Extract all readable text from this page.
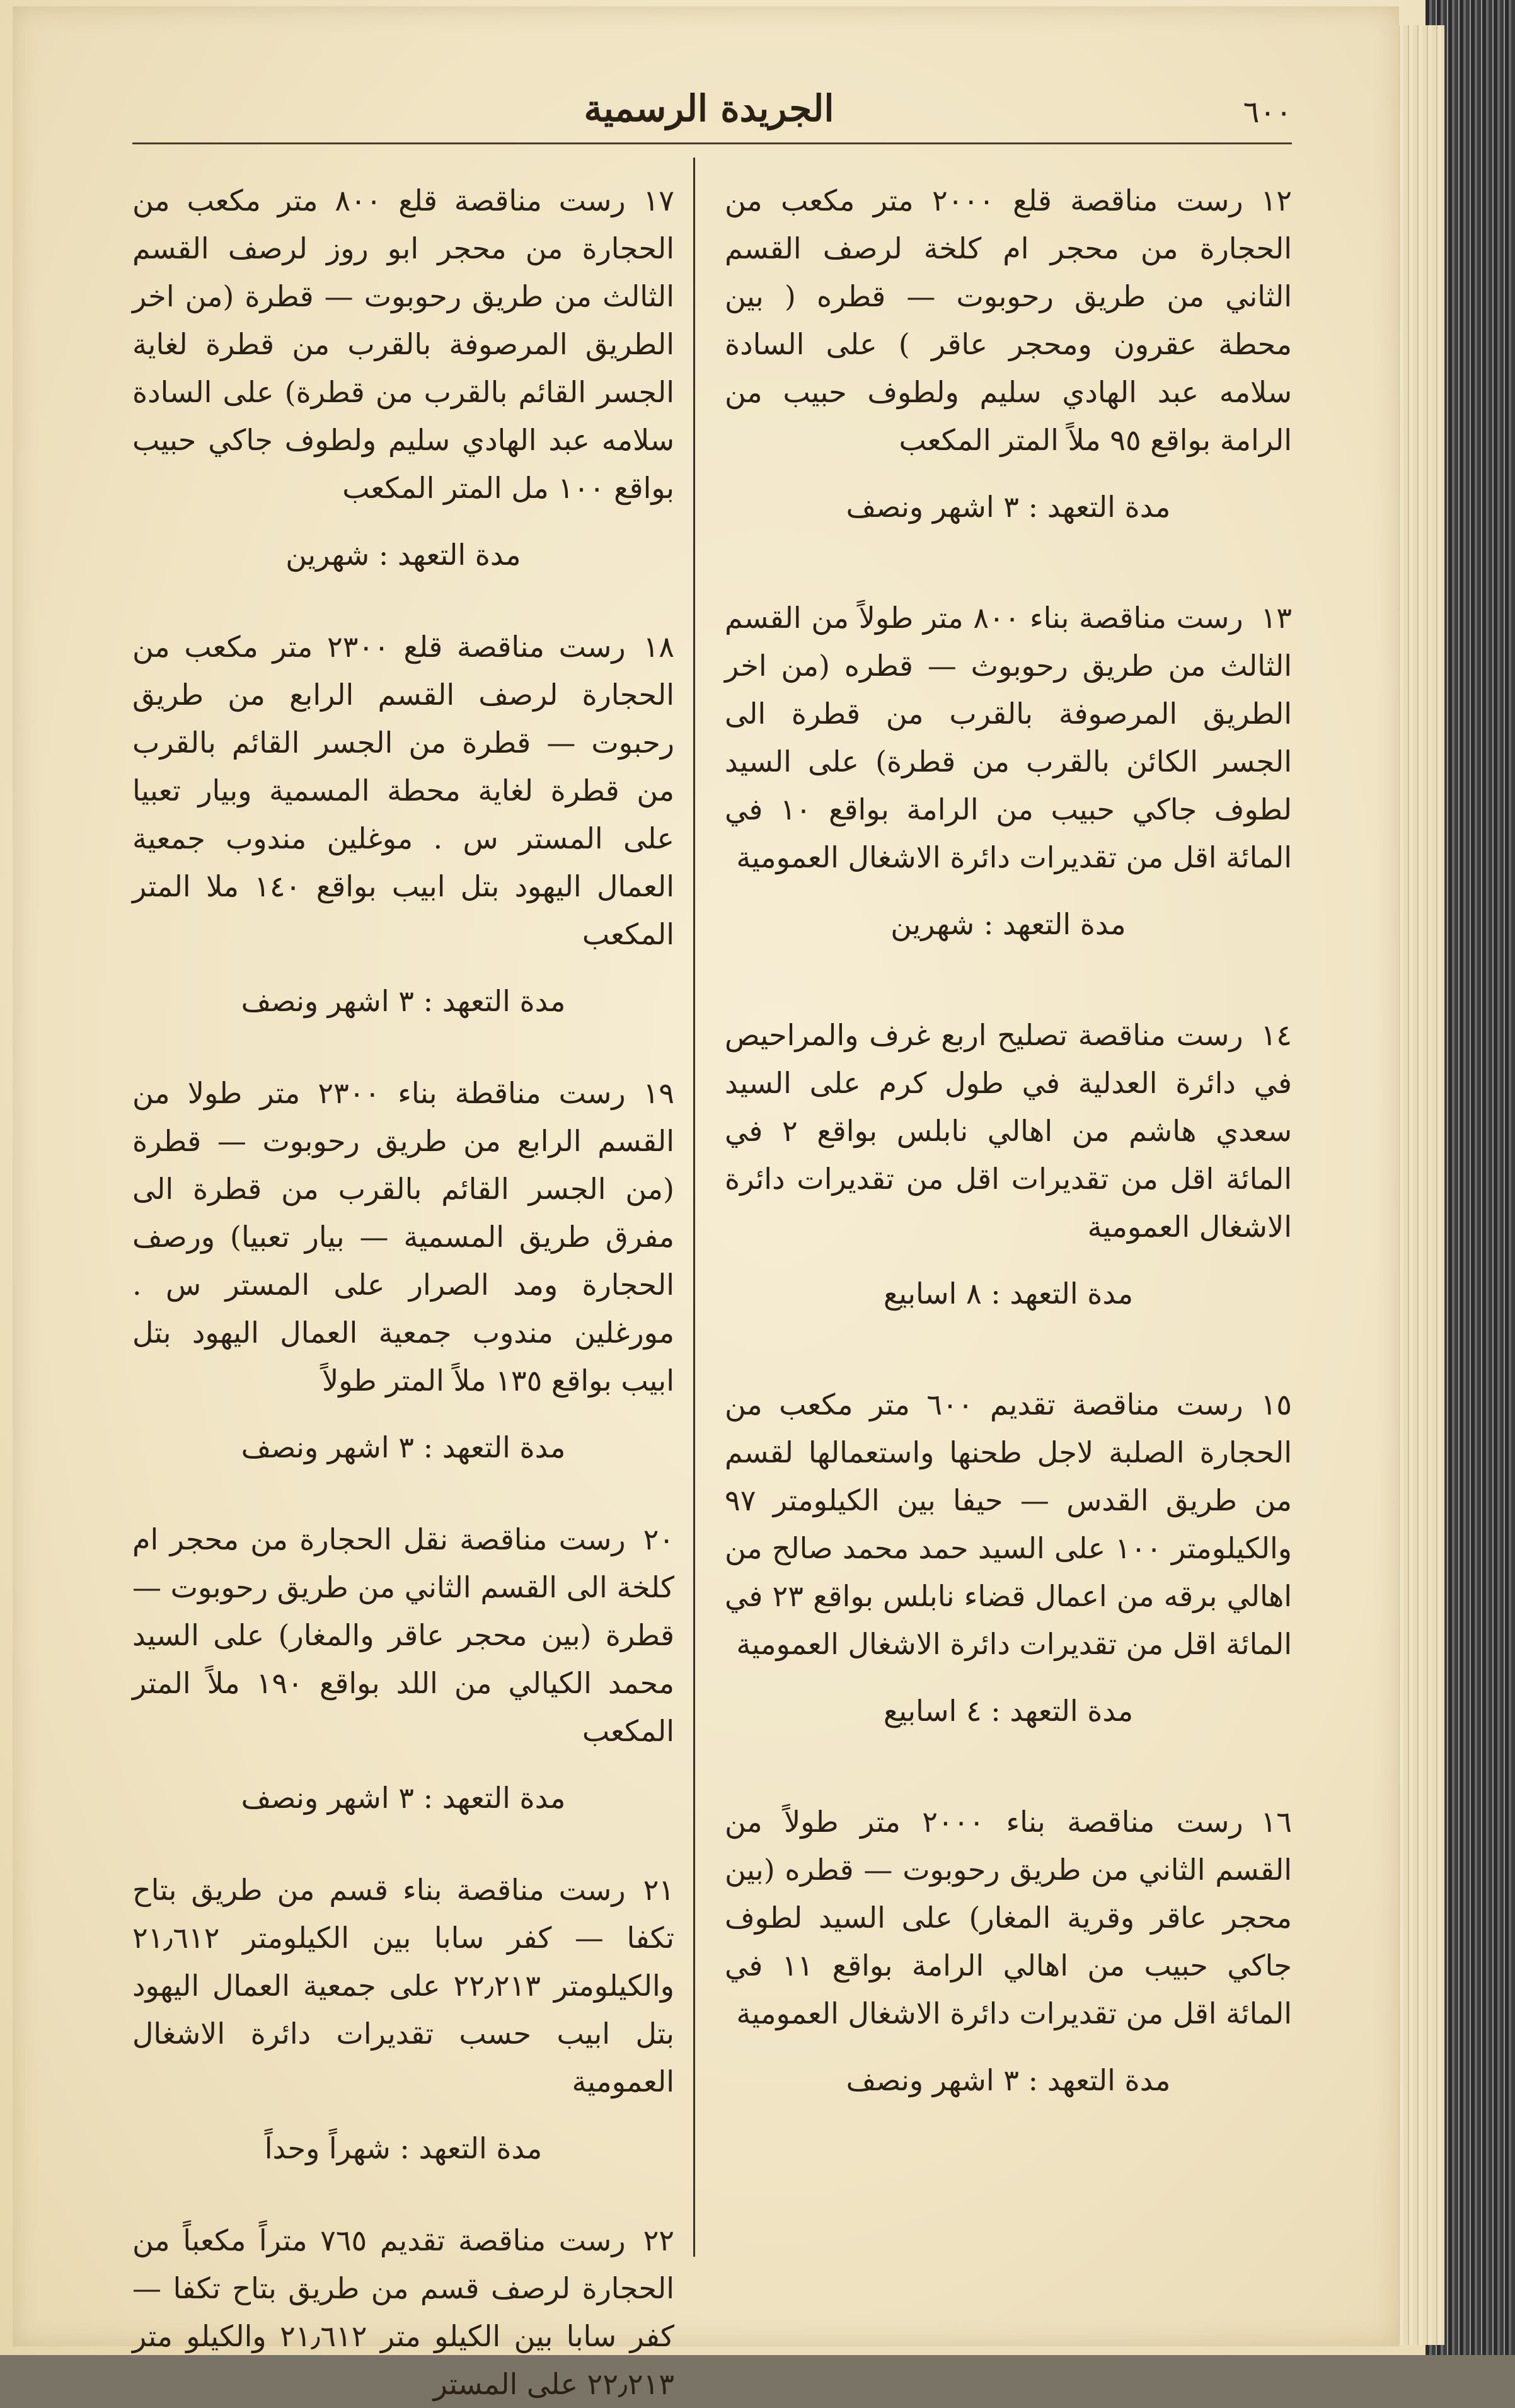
٦٠٠
الجريدة الرسمية
١٢رست مناقصة قلع ٢٠٠٠ متر مكعب من الحجارة من محجر ام كلخة لرصف القسم الثاني من طريق رحوبوت — قطره ( بين محطة عقرون ومحجر عاقر ) على السادة سلامه عبد الهادي سليم ولطوف حبيب من الرامة بواقع ٩٥ ملاً المتر المكعب
مدة التعهد : ٣ اشهر ونصف
١٣رست مناقصة بناء ٨٠٠ متر طولاً من القسم الثالث من طريق رحوبوث — قطره (من اخر الطريق المرصوفة بالقرب من قطرة الى الجسر الكائن بالقرب من قطرة) على السيد لطوف جاكي حبيب من الرامة بواقع ١٠ في المائة اقل من تقديرات دائرة الاشغال العمومية
مدة التعهد : شهرين
١٤رست مناقصة تصليح اربع غرف والمراحيص في دائرة العدلية في طول كرم على السيد سعدي هاشم من اهالي نابلس بواقع ٢ في المائة اقل من تقديرات اقل من تقديرات دائرة الاشغال العمومية
مدة التعهد : ٨ اسابيع
١٥رست مناقصة تقديم ٦٠٠ متر مكعب من الحجارة الصلبة لاجل طحنها واستعمالها لقسم من طريق القدس — حيفا بين الكيلومتر ٩٧ والكيلومتر ١٠٠ على السيد حمد محمد صالح من اهالي برقه من اعمال قضاء نابلس بواقع ٢٣ في المائة اقل من تقديرات دائرة الاشغال العمومية
مدة التعهد : ٤ اسابيع
١٦رست مناقصة بناء ٢٠٠٠ متر طولاً من القسم الثاني من طريق رحوبوت — قطره (بين محجر عاقر وقرية المغار) على السيد لطوف جاكي حبيب من اهالي الرامة بواقع ١١ في المائة اقل من تقديرات دائرة الاشغال العمومية
مدة التعهد : ٣ اشهر ونصف
١٧رست مناقصة قلع ٨٠٠ متر مكعب من الحجارة من محجر ابو روز لرصف القسم الثالث من طريق رحوبوت — قطرة (من اخر الطريق المرصوفة بالقرب من قطرة لغاية الجسر القائم بالقرب من قطرة) على السادة سلامه عبد الهادي سليم ولطوف جاكي حبيب بواقع ١٠٠ مل المتر المكعب
مدة التعهد : شهرين
١٨رست مناقصة قلع ٢٣٠٠ متر مكعب من الحجارة لرصف القسم الرابع من طريق رحبوت — قطرة من الجسر القائم بالقرب من قطرة لغاية محطة المسمية وبيار تعبيا على المستر س . موغلين مندوب جمعية العمال اليهود بتل ابيب بواقع ١٤٠ ملا المتر المكعب
مدة التعهد : ٣ اشهر ونصف
١٩رست مناقطة بناء ٢٣٠٠ متر طولا من القسم الرابع من طريق رحوبوت — قطرة (من الجسر القائم بالقرب من قطرة الى مفرق طريق المسمية — بيار تعبيا) ورصف الحجارة ومد الصرار على المستر س . مورغلين مندوب جمعية العمال اليهود بتل ابيب بواقع ١٣٥ ملاً المتر طولاً
مدة التعهد : ٣ اشهر ونصف
٢٠رست مناقصة نقل الحجارة من محجر ام كلخة الى القسم الثاني من طريق رحوبوت — قطرة (بين محجر عاقر والمغار) على السيد محمد الكيالي من اللد بواقع ١٩٠ ملاً المتر المكعب
مدة التعهد : ٣ اشهر ونصف
٢١رست مناقصة بناء قسم من طريق بتاح تكفا — كفر سابا بين الكيلومتر ٢١٫٦١٢ والكيلومتر ٢٢٫٢١٣ على جمعية العمال اليهود بتل ابيب حسب تقديرات دائرة الاشغال العمومية
مدة التعهد : شهراً وحداً
٢٢رست مناقصة تقديم ٧٦٥ متراً مكعباً من الحجارة لرصف قسم من طريق بتاح تكفا — كفر سابا بين الكيلو متر ٢١٫٦١٢ والكيلو متر ٢٢٫٢١٣ على المستر
